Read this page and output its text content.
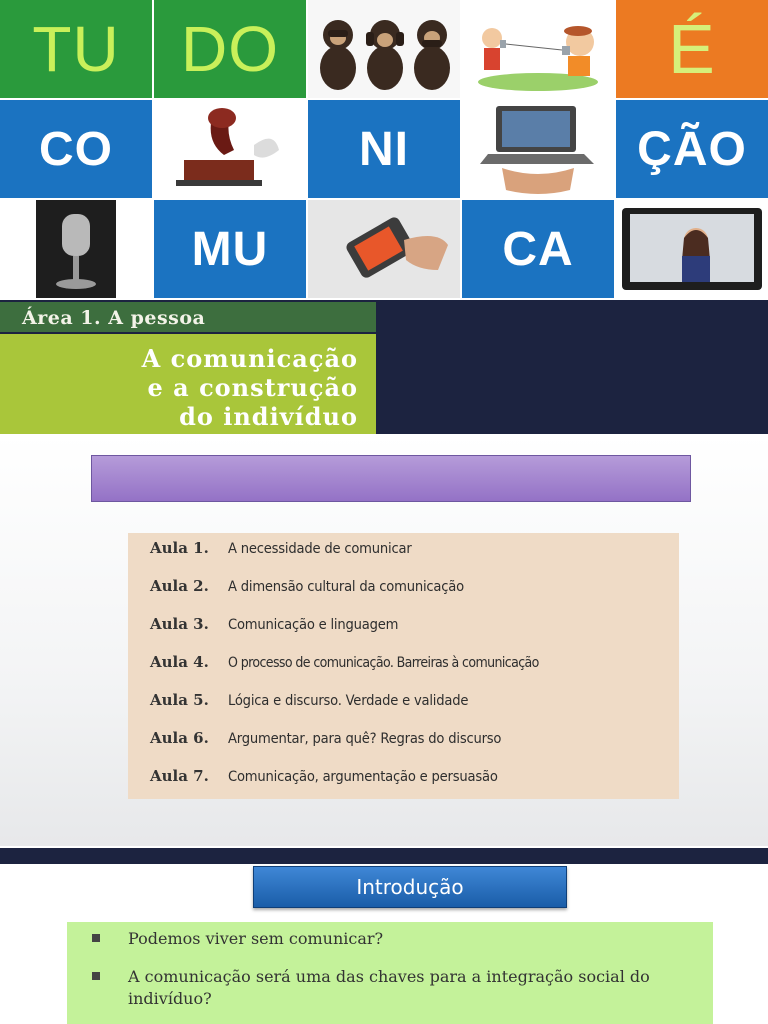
TU DO	É
CO	NI	ÇÃO
MU	CA
Área 1. A pessoa
A comunicação
e a construção
do indivíduo
Aula 1. A necessidade de comunicar
Aula 2. A dimensão cultural da comunicação
Aula 3. Comunicação e linguagem
Aula 4. O processo de comunicação. Barreiras à comunicação
Aula 5. Lógica e discurso. Verdade e validade
Aula 6. Argumentar, para quê? Regras do discurso
Aula 7. Comunicação, argumentação e persuasão
Introdução
Podemos viver sem comunicar?
A comunicação será uma das chaves para a integração social do indivíduo?
